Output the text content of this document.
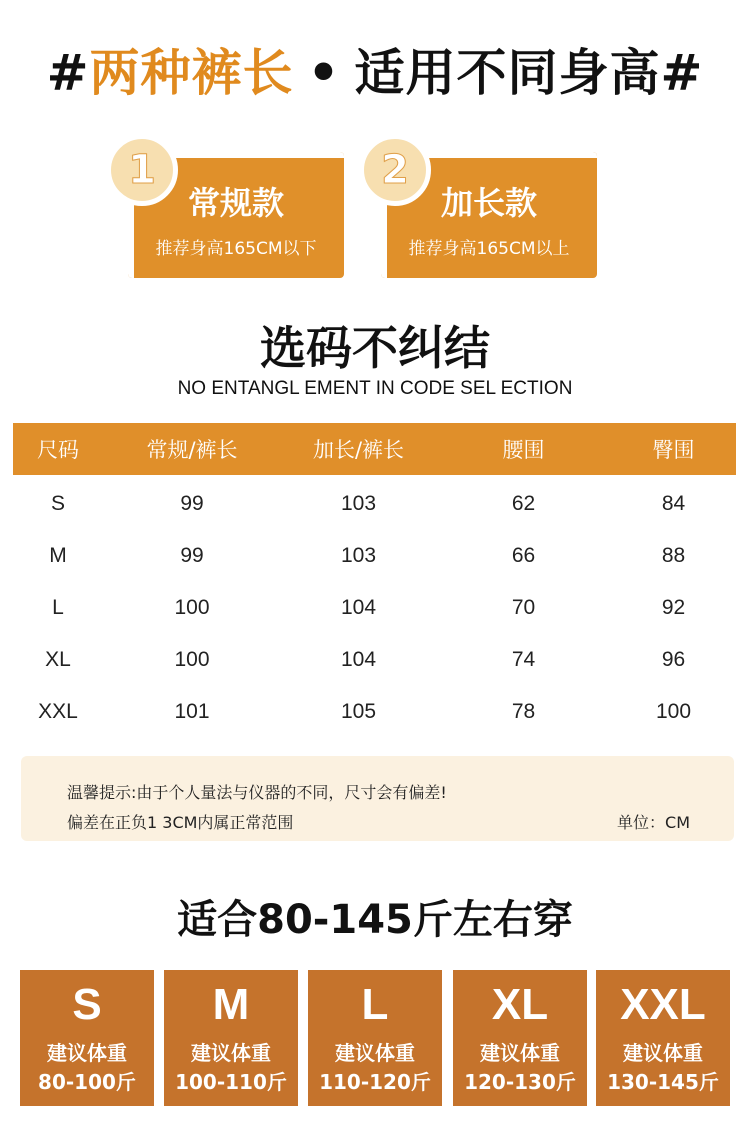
#两种裤长 • 适用不同身高#
1
常规款
推荐身高165CM以下
2
加长款
推荐身高165CM以上
选码不纠结
NO ENTANGL EMENT IN CODE SEL ECTION
尺码	常规/裤长	加长/裤长	腰围	臀围
S	99	103	62	84
M	99	103	66	88
L	100	104	70	92
XL	100	104	74	96
XXL	101	105	78	100
温馨提示:由于个人量法与仪器的不同，尺寸会有偏差!
偏差在正负1 3CM内属正常范围	单位：CM
适合80-145斤左右穿
S
建议体重
80-100斤
M
建议体重
100-110斤
L
建议体重
110-120斤
XL
建议体重
120-130斤
XXL
建议体重
130-145斤
